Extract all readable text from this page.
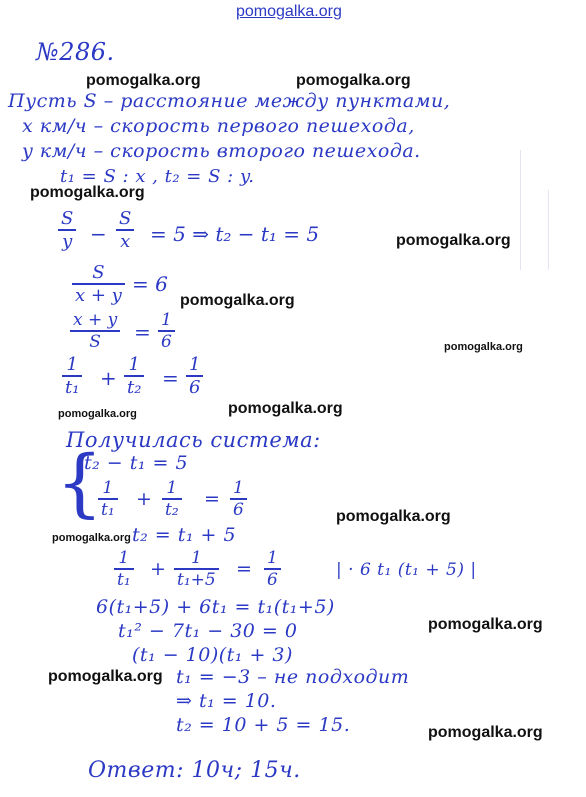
pomogalka.org
pomogalka.org	pomogalka.org
pomogalka.org
pomogalka.org
pomogalka.org
pomogalka.org
pomogalka.org
pomogalka.org
pomogalka.org
pomogalka.org
pomogalka.org
pomogalka.org
pomogalka.org
№286.
Пусть S – расстояние между пунктами,
x км/ч – скорость первого пешехода,
y км/ч – скорость второго пешехода.
t₁ = S : x , t₂ = S : y.
S
y −
S
x = 5 ⇒ t₂ − t₁ = 5
S
x + y = 6
x + y
S = 1
6
1
t₁ +
1
t₂ =
1
6
Получилась система:
{
t₂ − t₁ = 5
1
t₁ + 1
t₂ = 1
6
t₂ = t₁ + 5
1
t₁ + 1
t₁+5 = 1
6	| · 6 t₁ (t₁ + 5) |
6(t₁+5) + 6t₁ = t₁(t₁+5)
t₁² − 7t₁ − 30 = 0
(t₁ − 10)(t₁ + 3)
t₁ = −3 – не подходит
⇒ t₁ = 10.
t₂ = 10 + 5 = 15.
Ответ: 10ч; 15ч.
